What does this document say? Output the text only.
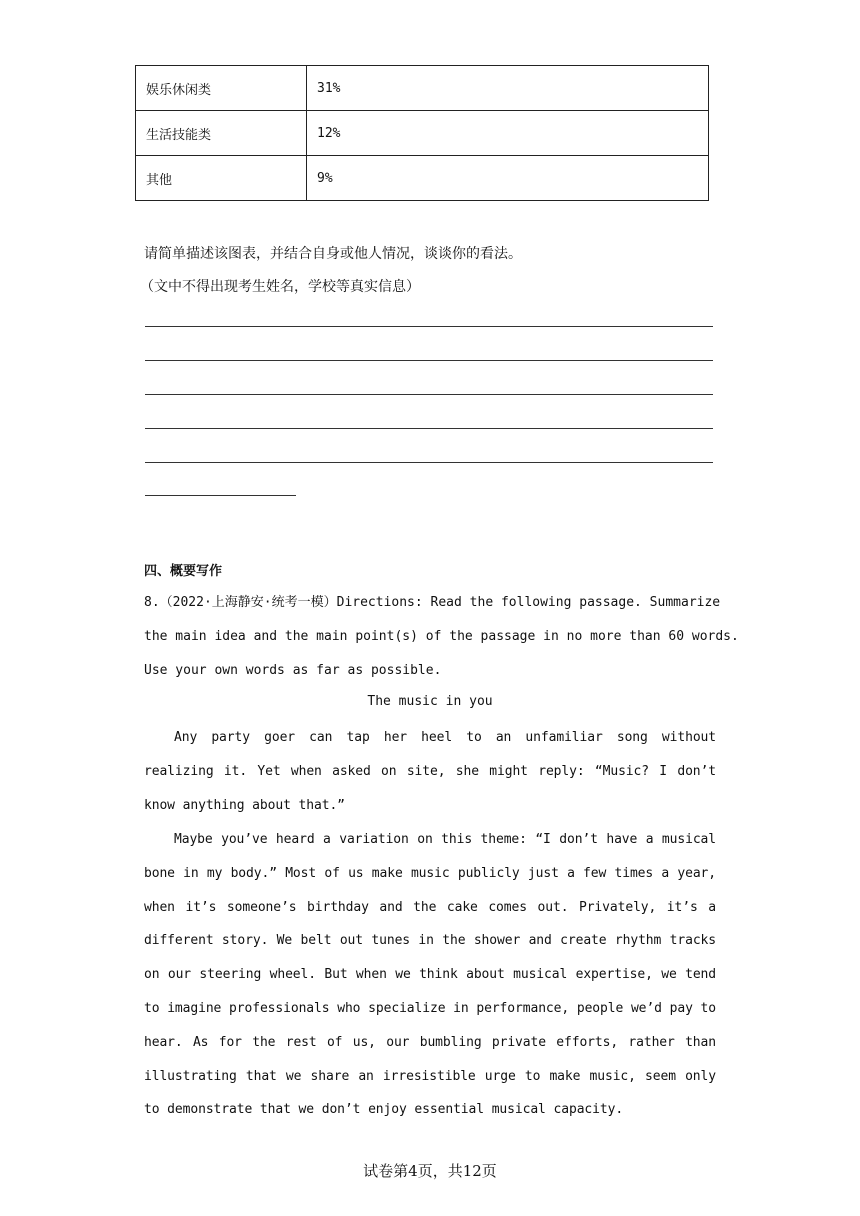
娱乐休闲类	31%
生活技能类	12%
其他	9%
请简单描述该图表，并结合自身或他人情况，谈谈你的看法。
（文中不得出现考生姓名，学校等真实信息）
四、概要写作
8.（2022·上海静安·统考一模）Directions: Read the following passage. Summarize
the main idea and the main point(s) of the passage in no more than 60 words.
Use your own words as far as possible.
The music in you
Any party goer can tap her heel to an unfamiliar song without realizing it. Yet when asked on site, she might reply: “Music? I don’t know anything about that.”
Maybe you’ve heard a variation on this theme: “I don’t have a musical bone in my body.” Most of us make music publicly just a few times a year, when it’s someone’s birthday and the cake comes out. Privately, it’s a different story. We belt out tunes in the shower and create rhythm tracks on our steering wheel. But when we think about musical expertise, we tend to imagine professionals who specialize in performance, people we’d pay to hear. As for the rest of us, our bumbling private efforts, rather than illustrating that we share an irresistible urge to make music, seem only to demonstrate that we don’t enjoy essential musical capacity.
试卷第4页，共12页
